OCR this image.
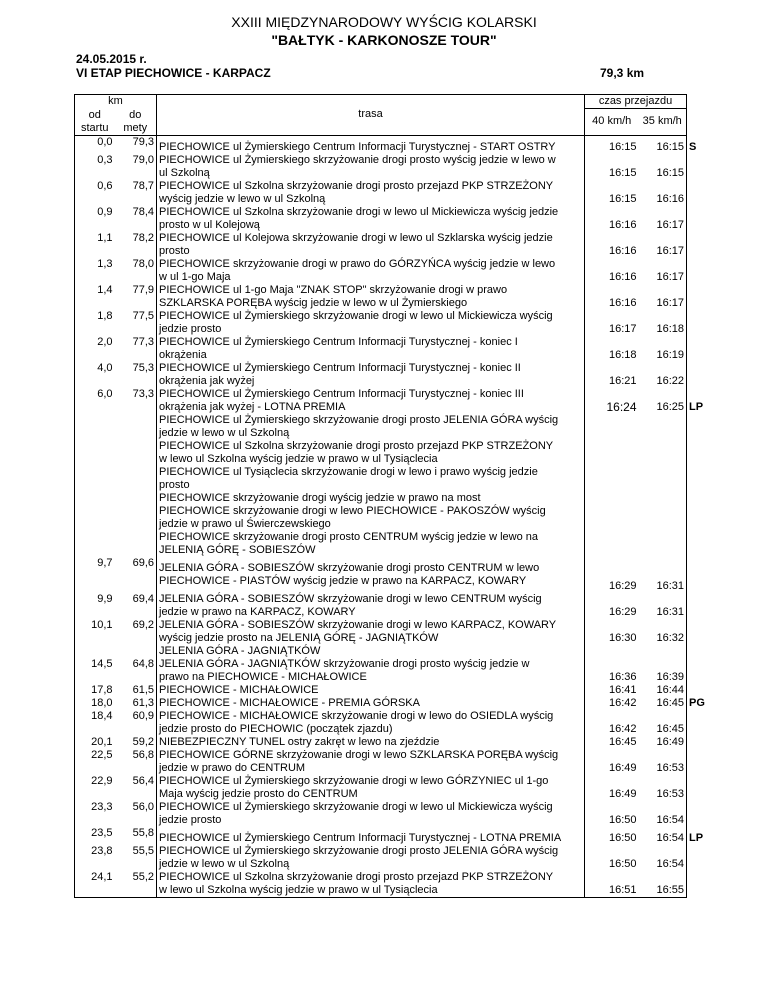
XXIII MIĘDZYNARODOWY WYŚCIG KOLARSKI
"BAŁTYK - KARKONOSZE TOUR"
24.05.2015 r.
VI ETAP PIECHOWICE - KARPACZ	79,3 km
km		trasa	czas przejazdu		
od	do		40 km/h	35 km/h	
startu	mety				

0,0	79,3	PIECHOWICE ul Żymierskiego Centrum Informacji Turystycznej - START OSTRY	16:15	16:15	S
0,3	79,0	PIECHOWICE ul Żymierskiego skrzyżowanie drogi prosto wyścig jedzie w lewo w
ul Szkolną	16:15	16:15	
0,6	78,7	PIECHOWICE ul Szkolna skrzyżowanie drogi prosto przejazd PKP STRZEŻONY
wyścig jedzie w lewo w ul Szkolną	16:15	16:16	
0,9	78,4	PIECHOWICE ul Szkolna skrzyżowanie drogi w lewo ul Mickiewicza wyścig jedzie
prosto w ul Kolejową	16:16	16:17	
1,1	78,2	PIECHOWICE ul Kolejowa skrzyżowanie drogi w lewo ul Szklarska wyścig jedzie
prosto	16:16	16:17	
1,3	78,0	PIECHOWICE skrzyżowanie drogi w prawo do GÓRZYŃCA wyścig jedzie w lewo
w ul 1-go Maja	16:16	16:17	
1,4	77,9	PIECHOWICE ul 1-go Maja "ZNAK STOP" skrzyżowanie drogi w prawo
SZKLARSKA PORĘBA wyścig jedzie w lewo w ul Żymierskiego	16:16	16:17	
1,8	77,5	PIECHOWICE ul Żymierskiego skrzyżowanie drogi w lewo ul Mickiewicza wyścig
jedzie prosto	16:17	16:18	
2,0	77,3	PIECHOWICE ul Żymierskiego Centrum Informacji Turystycznej - koniec I
okrążenia	16:18	16:19	
4,0	75,3	PIECHOWICE ul Żymierskiego Centrum Informacji Turystycznej - koniec II
okrążenia jak wyżej	16:21	16:22	
6,0	73,3	PIECHOWICE ul Żymierskiego Centrum Informacji Turystycznej - koniec III
okrążenia jak wyżej - LOTNA PREMIA	16:24	16:25	LP

		PIECHOWICE ul Żymierskiego skrzyżowanie drogi prosto JELENIA GÓRA wyścig
jedzie w lewo w ul Szkolną			

		PIECHOWICE ul Szkolna skrzyżowanie drogi prosto przejazd PKP STRZEŻONY
w lewo ul Szkolna wyścig jedzie w prawo w ul Tysiąclecia			

		PIECHOWICE ul Tysiąclecia skrzyżowanie drogi w lewo i prawo wyścig jedzie
prosto			

		PIECHOWICE skrzyżowanie drogi wyścig jedzie w prawo na most			

		PIECHOWICE skrzyżowanie drogi w lewo PIECHOWICE - PAKOSZÓW wyścig
jedzie w prawo ul Świerczewskiego			

		PIECHOWICE skrzyżowanie drogi prosto CENTRUM wyścig jedzie w lewo na
JELENIĄ GÓRĘ - SOBIESZÓW			

9,7	69,6	JELENIA GÓRA - SOBIESZÓW skrzyżowanie drogi prosto CENTRUM w lewo
PIECHOWICE - PIASTÓW wyścig jedzie w prawo na KARPACZ, KOWARY	16:29	16:31	
9,9	69,4	JELENIA GÓRA - SOBIESZÓW skrzyżowanie drogi w lewo CENTRUM wyścig
jedzie w prawo na KARPACZ, KOWARY	16:29	16:31	
10,1	69,2	JELENIA GÓRA - SOBIESZÓW skrzyżowanie drogi w lewo KARPACZ, KOWARY
wyścig jedzie prosto na JELENIĄ GÓRĘ - JAGNIĄTKÓW	16:30	16:32	

		JELENIA GÓRA - JAGNIĄTKÓW			

14,5	64,8	JELENIA GÓRA - JAGNIĄTKÓW skrzyżowanie drogi prosto wyścig jedzie w
prawo na PIECHOWICE - MICHAŁOWICE	16:36	16:39	
17,8	61,5	PIECHOWICE - MICHAŁOWICE	16:41	16:44	
18,0	61,3	PIECHOWICE - MICHAŁOWICE - PREMIA GÓRSKA	16:42	16:45	PG
18,4	60,9	PIECHOWICE - MICHAŁOWICE skrzyżowanie drogi w lewo do OSIEDLA wyścig
jedzie prosto do PIECHOWIC (początek zjazdu)	16:42	16:45	
20,1	59,2	NIEBEZPIECZNY TUNEL ostry zakręt w lewo na zjeździe	16:45	16:49	
22,5	56,8	PIECHOWICE GÓRNE skrzyżowanie drogi w lewo SZKLARSKA PORĘBA wyścig
jedzie w prawo do CENTRUM	16:49	16:53	
22,9	56,4	PIECHOWICE ul Żymierskiego skrzyżowanie drogi w lewo GÓRZYNIEC ul 1-go
Maja wyścig jedzie prosto do CENTRUM	16:49	16:53	
23,3	56,0	PIECHOWICE ul Żymierskiego skrzyżowanie drogi w lewo ul Mickiewicza wyścig
jedzie prosto	16:50	16:54	
23,5	55,8	PIECHOWICE ul Żymierskiego Centrum Informacji Turystycznej - LOTNA PREMIA	16:50	16:54	LP
23,8	55,5	PIECHOWICE ul Żymierskiego skrzyżowanie drogi prosto JELENIA GÓRA wyścig
jedzie w lewo w ul Szkolną	16:50	16:54	
24,1	55,2	PIECHOWICE ul Szkolna skrzyżowanie drogi prosto przejazd PKP STRZEŻONY
w lewo ul Szkolna wyścig jedzie w prawo w ul Tysiąclecia	16:51	16:55	
